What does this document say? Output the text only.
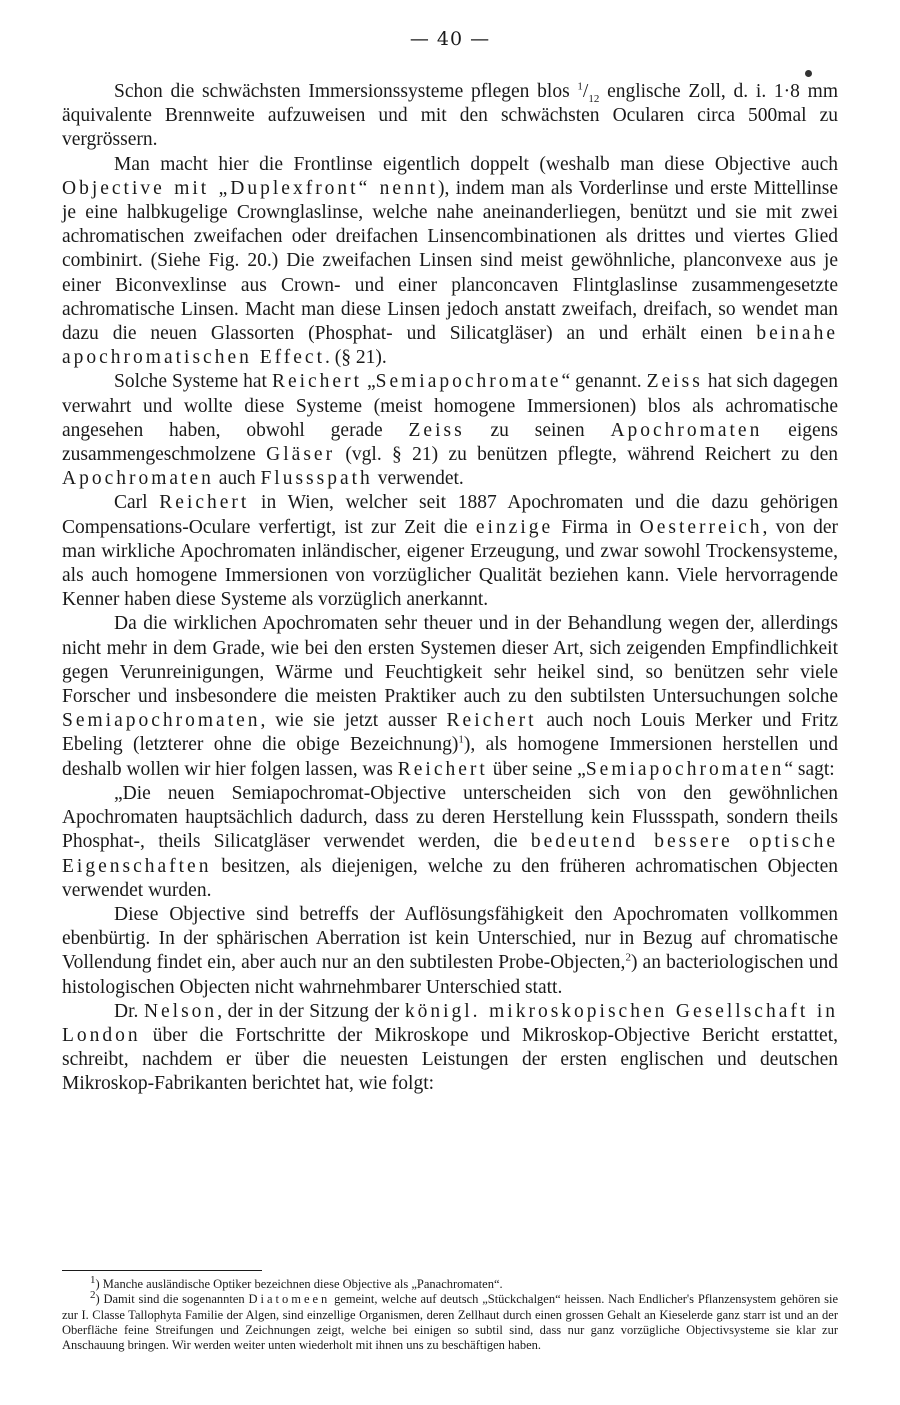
— 40 —

Schon die schwächsten Immersionssysteme pflegen blos $^1/_{12}$ englische Zoll, d. i. 1·8 mm äquivalente Brennweite aufzuweisen und mit den schwächsten Ocularen circa 500mal zu vergrössern.

Man macht hier die Frontlinse eigentlich doppelt (weshalb man diese Objective auch Objective mit „Duplexfront“ nennt), indem man als Vorderlinse und erste Mittellinse je eine halbkugelige Crownglaslinse, welche nahe aneinanderliegen, benützt und sie mit zwei achromatischen zweifachen oder dreifachen Linsencombinationen als drittes und viertes Glied combinirt. (Siehe Fig. 20.) Die zweifachen Linsen sind meist gewöhnliche, planconvexe aus je einer Biconvexlinse aus Crown- und einer planconcaven Flintglaslinse zusammengesetzte achromatische Linsen. Macht man diese Linsen jedoch anstatt zweifach, dreifach, so wendet man dazu die neuen Glassorten (Phosphat- und Silicatgläser) an und erhält einen beinahe apochromatischen Effect. (§ 21).

Solche Systeme hat Reichert „Semiapochromate“ genannt. Zeiss hat sich dagegen verwahrt und wollte diese Systeme (meist homogene Immersionen) blos als achromatische angesehen haben, obwohl gerade Zeiss zu seinen Apochromaten eigens zusammengeschmolzene Gläser (vgl. § 21) zu benützen pflegte, während Reichert zu den Apochromaten auch Flussspath verwendet.

Carl Reichert in Wien, welcher seit 1887 Apochromaten und die dazu gehörigen Compensations-Oculare verfertigt, ist zur Zeit die einzige Firma in Oesterreich, von der man wirkliche Apochromaten inländischer, eigener Erzeugung, und zwar sowohl Trockensysteme, als auch homogene Immersionen von vorzüglicher Qualität beziehen kann. Viele hervorragende Kenner haben diese Systeme als vorzüglich anerkannt.

Da die wirklichen Apochromaten sehr theuer und in der Behandlung wegen der, allerdings nicht mehr in dem Grade, wie bei den ersten Systemen dieser Art, sich zeigenden Empfindlichkeit gegen Verunreinigungen, Wärme und Feuchtigkeit sehr heikel sind, so benützen sehr viele Forscher und insbesondere die meisten Praktiker auch zu den subtilsten Untersuchungen solche Semiapochromaten, wie sie jetzt ausser Reichert auch noch Louis Merker und Fritz Ebeling (letzterer ohne die obige Bezeichnung)$^1$), als homogene Immersionen herstellen und deshalb wollen wir hier folgen lassen, was Reichert über seine „Semiapochromaten“ sagt:

„Die neuen Semiapochromat-Objective unterscheiden sich von den gewöhnlichen Apochromaten hauptsächlich dadurch, dass zu deren Herstellung kein Flussspath, sondern theils Phosphat-, theils Silicatgläser verwendet werden, die bedeutend bessere optische Eigenschaften besitzen, als diejenigen, welche zu den früheren achromatischen Objecten verwendet wurden.

Diese Objective sind betreffs der Auflösungsfähigkeit den Apochromaten vollkommen ebenbürtig. In der sphärischen Aberration ist kein Unterschied, nur in Bezug auf chromatische Vollendung findet ein, aber auch nur an den subtilesten Probe-Objecten,$^2$) an bacteriologischen und histologischen Objecten nicht wahrnehmbarer Unterschied statt.

Dr. Nelson, der in der Sitzung der königl. mikroskopischen Gesellschaft in London über die Fortschritte der Mikroskope und Mikroskop-Objective Bericht erstattet, schreibt, nachdem er über die neuesten Leistungen der ersten englischen und deutschen Mikroskop-Fabrikanten berichtet hat, wie folgt:

$^1$) Manche ausländische Optiker bezeichnen diese Objective als „Panachromaten“.

$^2$) Damit sind die sogenannten Diatomeen gemeint, welche auf deutsch „Stückchalgen“ heissen. Nach Endlicher's Pflanzensystem gehören sie zur I. Classe Tallophyta Familie der Algen, sind einzellige Organismen, deren Zellhaut durch einen grossen Gehalt an Kieselerde ganz starr ist und an der Oberfläche feine Streifungen und Zeichnungen zeigt, welche bei einigen so subtil sind, dass nur ganz vorzügliche Objectivsysteme sie klar zur Anschauung bringen. Wir werden weiter unten wiederholt mit ihnen uns zu beschäftigen haben.
